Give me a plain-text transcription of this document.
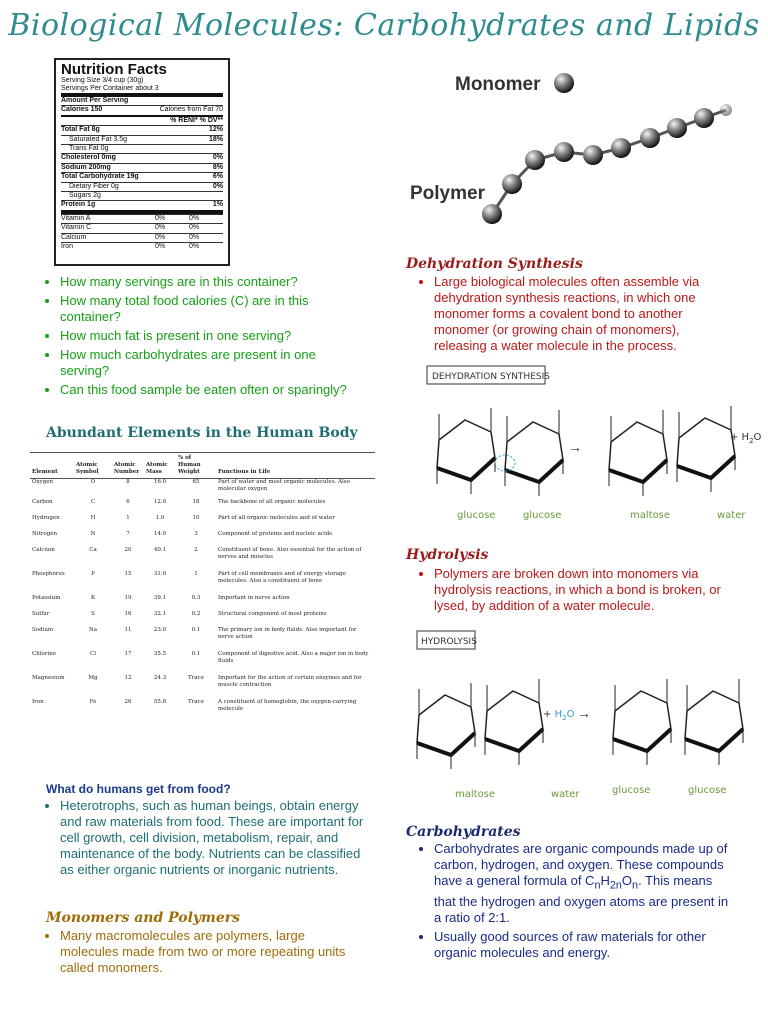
Biological Molecules: Carbohydrates and Lipids
Nutrition Facts
Serving Size 3/4 cup (30g)
Servings Per Container about 3
Amount Per Serving
Calories 150	Calories from Fat 70
% RENI* % DV**
Total Fat 8g	12%
Saturated Fat 3.5g	18%
Trans Fat 0g
Cholesterol 0mg	0%
Sodium 200mg	8%
Total Carbohydrate 19g	6%
Dietary Fiber 0g	0%
Sugars 2g
Protein 1g	1%
Vitamin A	0%	0%
Vitamin C	0%	0%
Calcium	0%	0%
Iron	0%	0%
• How many servings are in this container?
• How many total food calories (C) are in this container?
• How much fat is present in one serving?
• How much carbohydrates are present in one serving?
• Can this food sample be eaten often or sparingly?
Abundant Elements in the Human Body
Element	Atomic Symbol	Atomic Number	Atomic Mass	% of Human Weight	Functions in Life
Oxygen	O	8	16.0	65	Part of water and most organic molecules. Also molecular oxygen
Carbon	C	6	12.0	18	The backbone of all organic molecules
Hydrogen	H	1	1.0	10	Part of all organic molecules and of water
Nitrogen	N	7	14.0	3	Component of proteins and nucleic acids
Calcium	Ca	20	40.1	2	Constituent of bone. Also essential for the action of nerves and muscles
Phosphorus	P	15	31.0	1	Part of cell membranes and of energy storage molecules. Also a constituent of bone
Potassium	K	19	39.1	0.3	Important in nerve action
Sulfur	S	16	32.1	0.2	Structural component of most proteins
Sodium	Na	11	23.0	0.1	The primary ion in body fluids. Also important for nerve action
Chlorine	Cl	17	35.5	0.1	Component of digestive acid. Also a major ion in body fluids
Magnesium	Mg	12	24.3	Trace	Important for the action of certain enzymes and for muscle contraction
Iron	Fe	26	55.8	Trace	A constituent of hemoglobin, the oxygen-carrying molecule
What do humans get from food?
• Heterotrophs, such as human beings, obtain energy and raw materials from food. These are important for cell growth, cell division, metabolism, repair, and maintenance of the body. Nutrients can be classified as either organic nutrients or inorganic nutrients.
Monomers and Polymers
• Many macromolecules are polymers, large molecules made from two or more repeating units called monomers.
Monomer
Polymer
Dehydration Synthesis
• Large biological molecules often assemble via dehydration synthesis reactions, in which one monomer forms a covalent bond to another monomer (or growing chain of monomers), releasing a water molecule in the process.
DEHYDRATION SYNTHESIS
+ $H_2O$
→
glucose	glucose	maltose	water
Hydrolysis
• Polymers are broken down into monomers via hydrolysis reactions, in which a bond is broken, or lysed, by addition of a water molecule.
HYDROLYSIS
+ $H_2O$ →
maltose	water	glucose	glucose
Carbohydrates
• Carbohydrates are organic compounds made up of carbon, hydrogen, and oxygen. These compounds have a general formula of $C_nH_{2n}O_n$. This means that the hydrogen and oxygen atoms are present in a ratio of 2:1.
• Usually good sources of raw materials for other organic molecules and energy.
